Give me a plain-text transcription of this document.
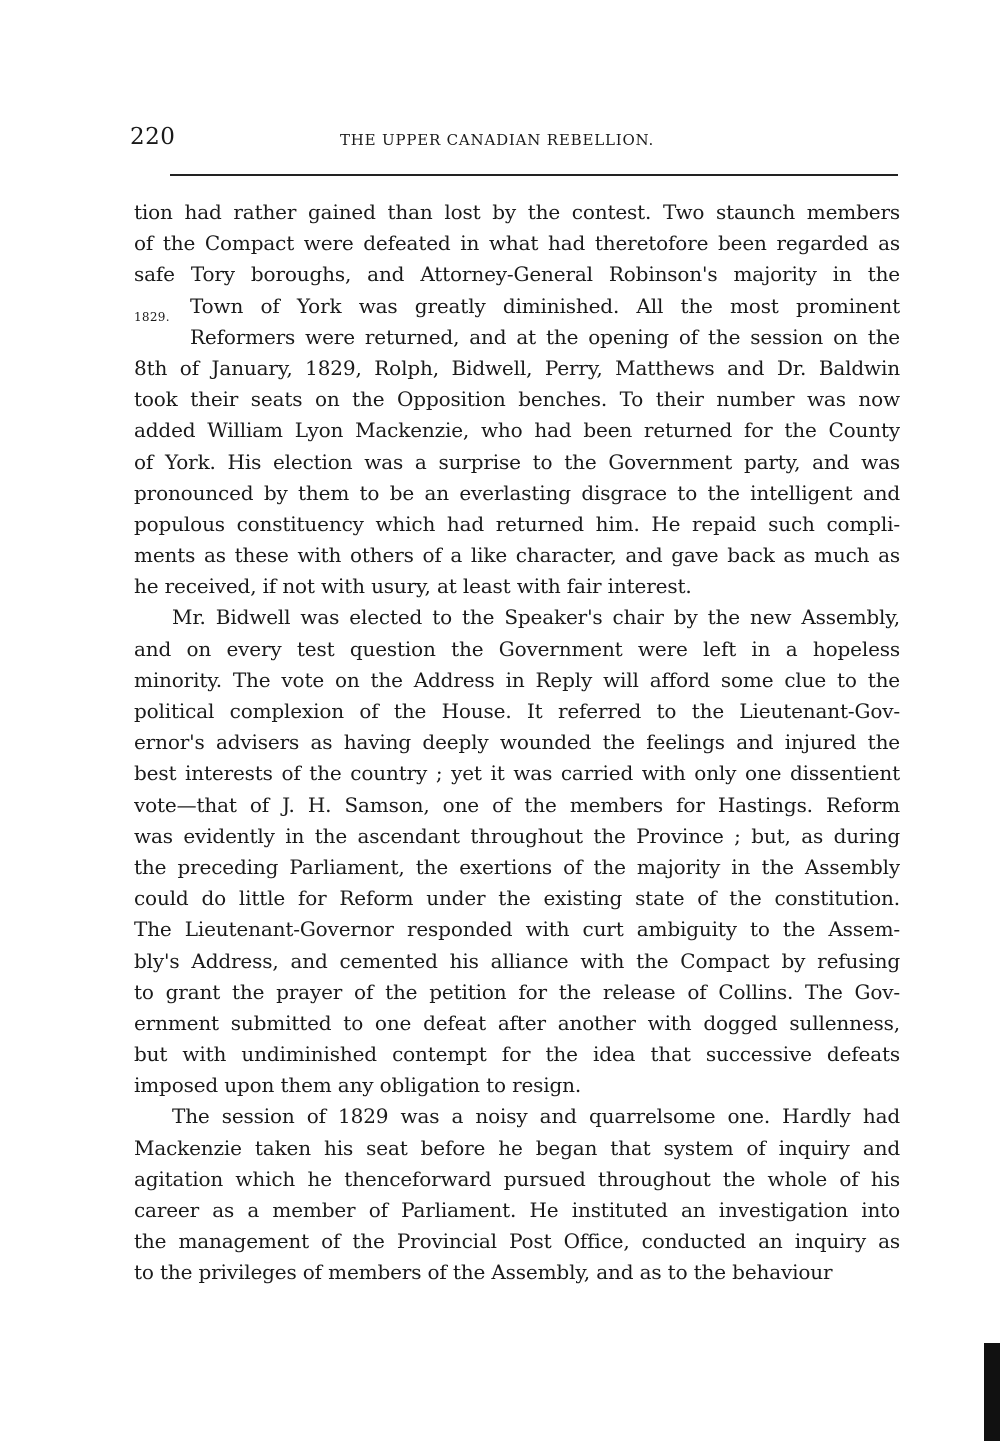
220	THE UPPER CANADIAN REBELLION.
1829.

tion had rather gained than lost by the contest. Two staunch members
of the Compact were defeated in what had theretofore been regarded as
safe Tory boroughs, and Attorney-General Robinson's majority in the
Town of York was greatly diminished. All the most prominent
Reformers were returned, and at the opening of the session on the
8th of January, 1829, Rolph, Bidwell, Perry, Matthews and Dr. Baldwin
took their seats on the Opposition benches. To their number was now
added William Lyon Mackenzie, who had been returned for the County
of York. His election was a surprise to the Government party, and was
pronounced by them to be an everlasting disgrace to the intelligent and
populous constituency which had returned him. He repaid such compli-
ments as these with others of a like character, and gave back as much as
he received, if not with usury, at least with fair interest.

Mr. Bidwell was elected to the Speaker's chair by the new Assembly,
and on every test question the Government were left in a hopeless
minority. The vote on the Address in Reply will afford some clue to the
political complexion of the House. It referred to the Lieutenant-Gov-
ernor's advisers as having deeply wounded the feelings and injured the
best interests of the country ; yet it was carried with only one dissentient
vote—that of J. H. Samson, one of the members for Hastings. Reform
was evidently in the ascendant throughout the Province ; but, as during
the preceding Parliament, the exertions of the majority in the Assembly
could do little for Reform under the existing state of the constitution.
The Lieutenant-Governor responded with curt ambiguity to the Assem-
bly's Address, and cemented his alliance with the Compact by refusing
to grant the prayer of the petition for the release of Collins. The Gov-
ernment submitted to one defeat after another with dogged sullenness,
but with undiminished contempt for the idea that successive defeats
imposed upon them any obligation to resign.

The session of 1829 was a noisy and quarrelsome one. Hardly had
Mackenzie taken his seat before he began that system of inquiry and
agitation which he thenceforward pursued throughout the whole of his
career as a member of Parliament. He instituted an investigation into
the management of the Provincial Post Office, conducted an inquiry as
to the privileges of members of the Assembly, and as to the behaviour
